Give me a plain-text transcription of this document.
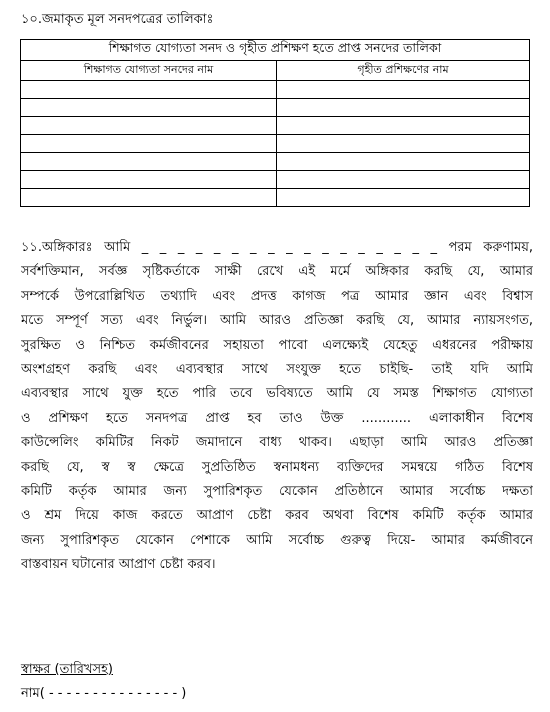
১০.জমাকৃত মূল সনদপত্রের তালিকাঃ
শিক্ষাগত যোগ্যতা সনদ ও গৃহীত প্রশিক্ষণ হতে প্রাপ্ত সনদের তালিকা	
শিক্ষাগত যোগ্যতা সনদের নাম	গৃহীত প্রশিক্ষণের নাম

১১.অঙ্গিকারঃ আমি _ _ _ _ _ _ _ _ _ _ _ _ _ _ _ _ _ পরম করুণাময়,
সর্বশক্তিমান, সর্বজ্ঞ সৃষ্টিকর্তাকে সাক্ষী রেখে এই মর্মে অঙ্গিকার করছি যে, আমার
সম্পর্কে উপরোল্লিখিত তথ্যাদি এবং প্রদত্ত কাগজ পত্র আমার জ্ঞান এবং বিশ্বাস
মতে সম্পূর্ণ সত্য এবং নির্ভুল। আমি আরও প্রতিজ্ঞা করছি যে, আমার ন্যায়সংগত,
সুরক্ষিত ও নিশ্চিত কর্মজীবনের সহায়তা পাবো এলক্ষ্যেই যেহেতু এধরনের পরীক্ষায়
অংশগ্রহণ করছি এবং এব্যবস্থার সাথে সংযুক্ত হতে চাইছি- তাই যদি আমি
এব্যবস্থার সাথে যুক্ত হতে পারি তবে ভবিষ্যতে আমি যে সমস্ত শিক্ষাগত যোগ্যতা
ও প্রশিক্ষণ হতে সনদপত্র প্রাপ্ত হব তাও উক্ত ............ এলাকাধীন বিশেষ
কাউন্সেলিং কমিটির নিকট জমাদানে বাধ্য থাকব। এছাড়া আমি আরও প্রতিজ্ঞা
করছি যে, স্ব স্ব ক্ষেত্রে সুপ্রতিষ্ঠিত স্বনামধন্য ব্যক্তিদের সমন্বয়ে গঠিত বিশেষ
কমিটি কর্তৃক আমার জন্য সুপারিশকৃত যেকোন প্রতিষ্ঠানে আমার সর্বোচ্চ দক্ষতা
ও শ্রম দিয়ে কাজ করতে আপ্রাণ চেষ্টা করব অথবা বিশেষ কমিটি কর্তৃক আমার
জন্য সুপারিশকৃত যেকোন পেশাকে আমি সর্বোচ্চ গুরুত্ব দিয়ে- আমার কর্মজীবনে
বাস্তবায়ন ঘটানোর আপ্রাণ চেষ্টা করব।
স্বাক্ষর (তারিখসহ)
নাম( - - - - - - - - - - - - - - - )
